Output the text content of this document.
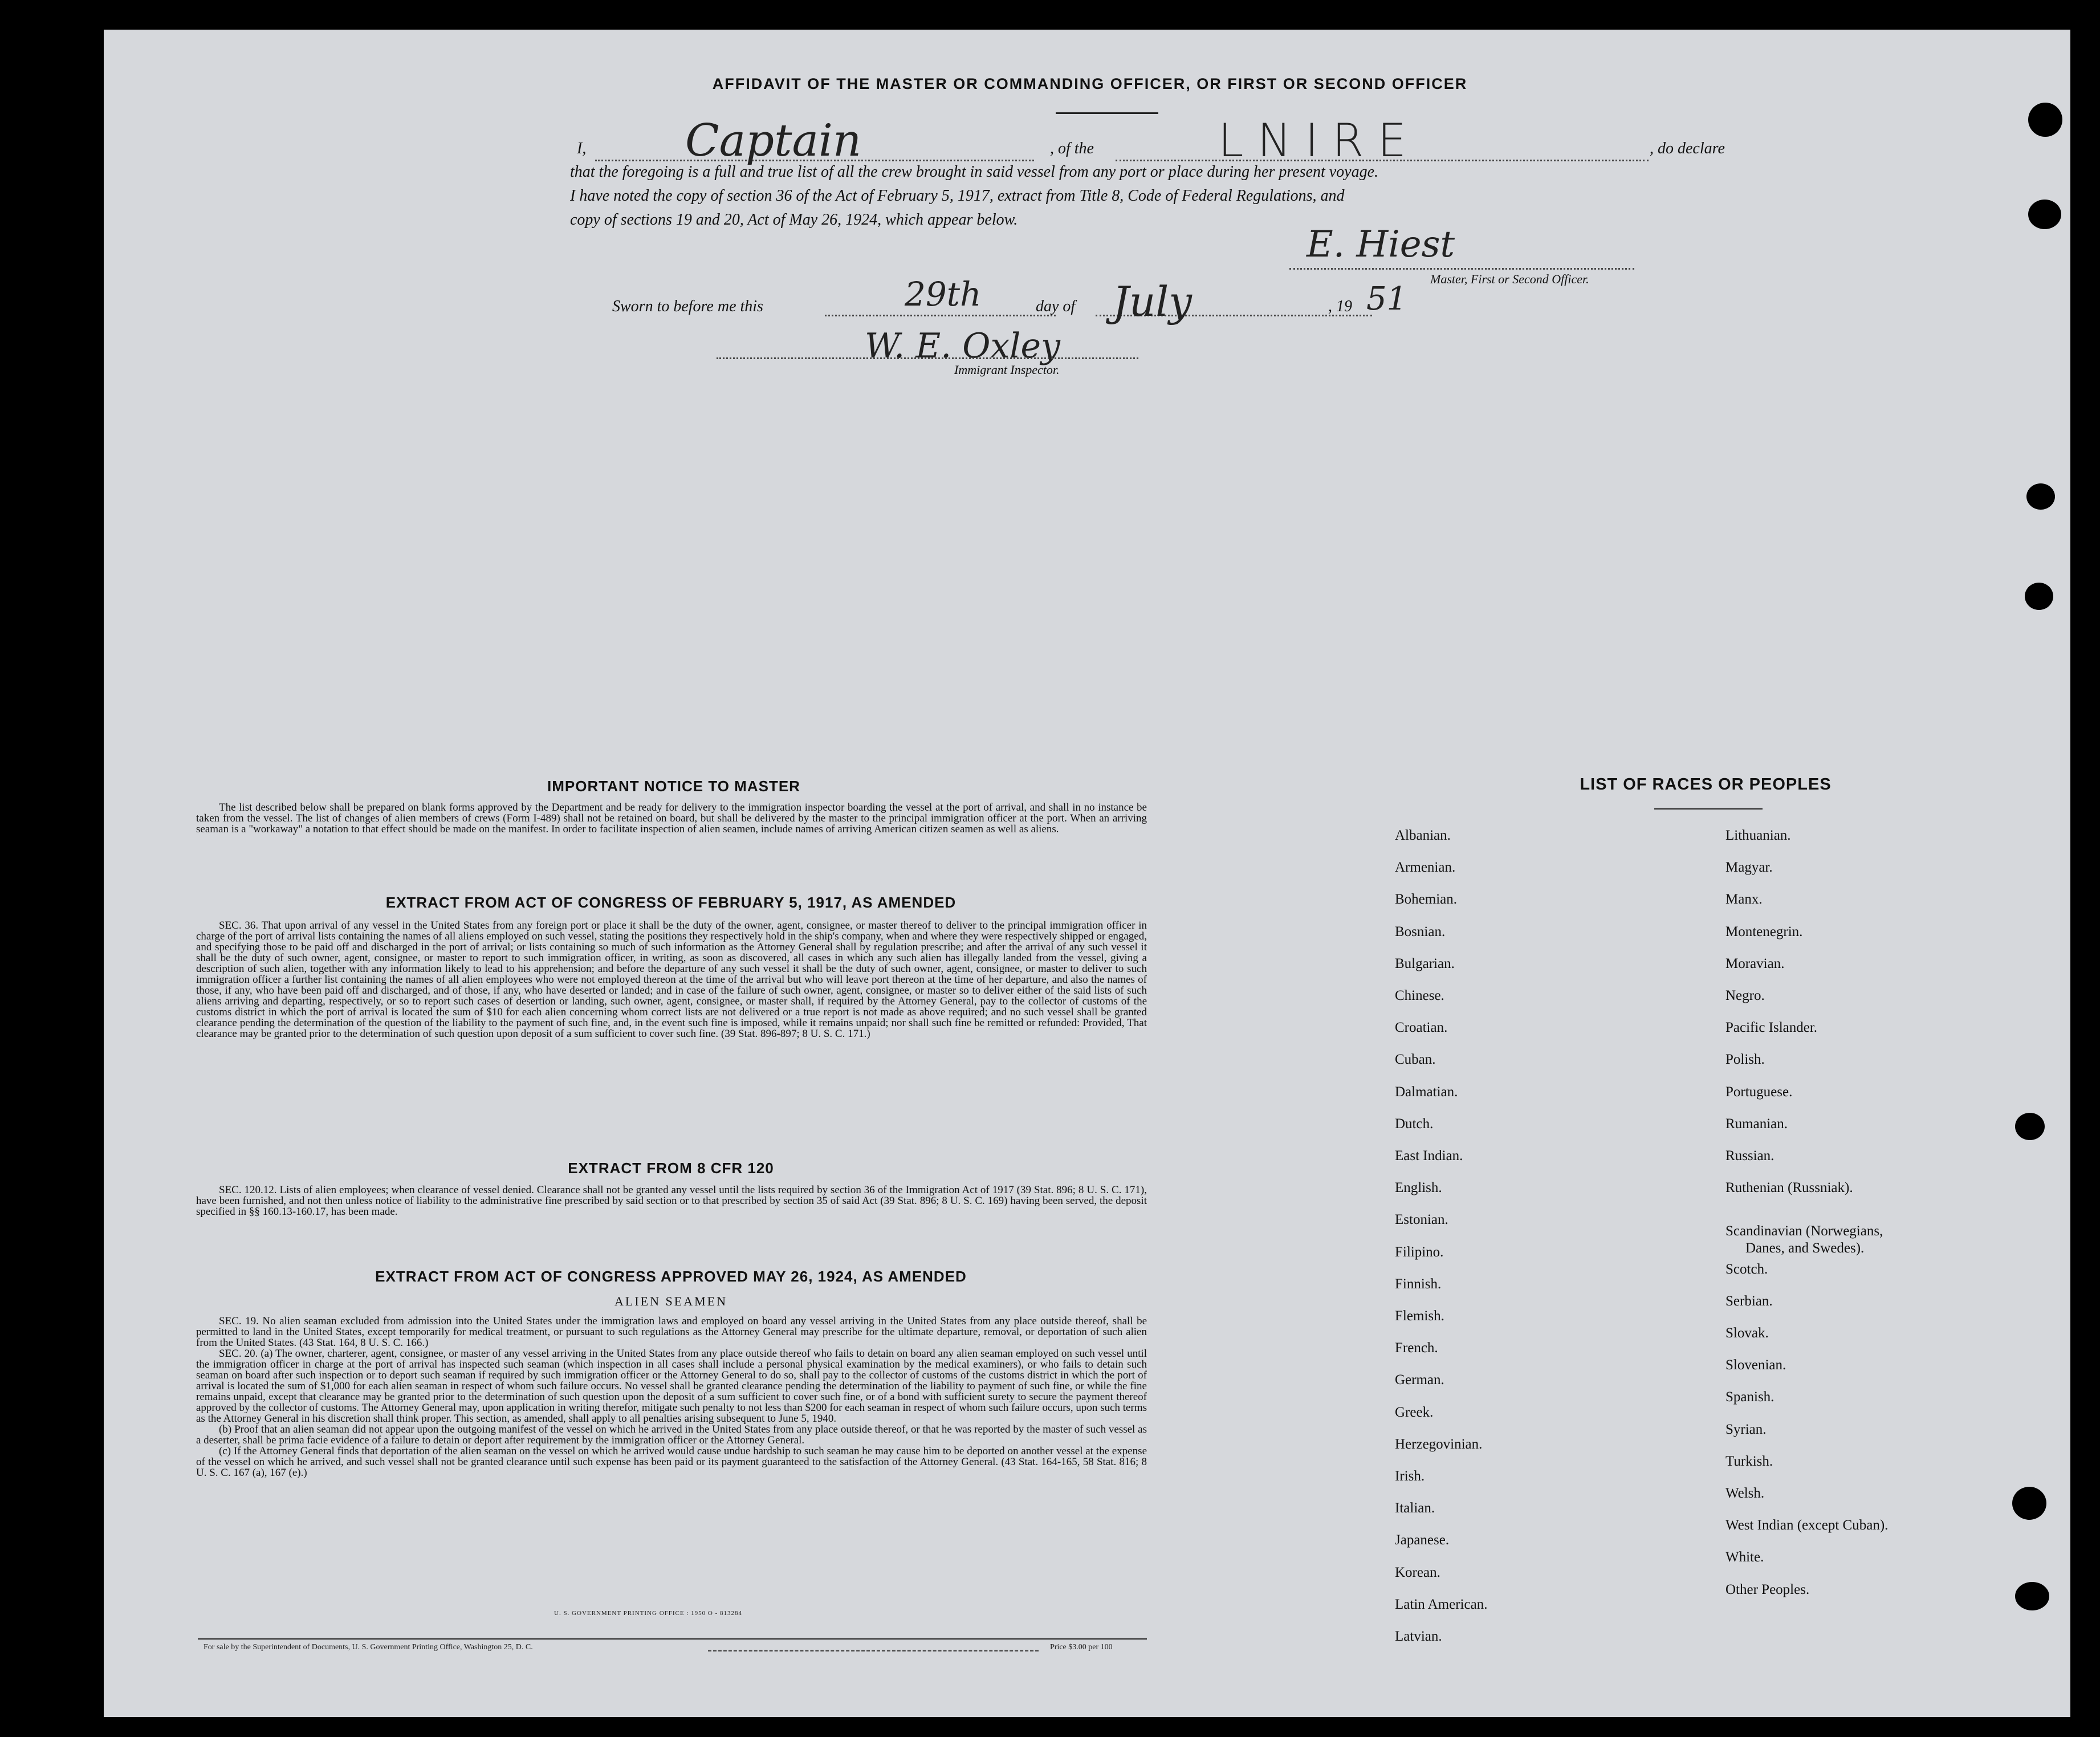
AFFIDAVIT OF THE MASTER OR COMMANDING OFFICER, OR FIRST OR SECOND OFFICER
I, Captain	, of the	LNIRE	, do declare
that the foregoing is a full and true list of all the crew brought in said vessel from any port or place during her present voyage.
I have noted the copy of section 36 of the Act of February 5, 1917, extract from Title 8, Code of Federal Regulations, and
copy of sections 19 and 20, Act of May 26, 1924, which appear below.
E. Hiest
Master, First or Second Officer.
Sworn to before me this	29th	day of July	, 19 51
W. E. Oxley
Immigrant Inspector.
IMPORTANT NOTICE TO MASTER

The list described below shall be prepared on blank forms approved by the Department and be ready for delivery to the immigration inspector boarding the vessel at the port of arrival, and shall in no instance be taken from the vessel. The list of changes of alien members of crews (Form I-489) shall not be retained on board, but shall be delivered by the master to the principal immigration officer at the port. When an arriving seaman is a "workaway" a notation to that effect should be made on the manifest. In order to facilitate inspection of alien seamen, include names of arriving American citizen seamen as well as aliens.

EXTRACT FROM ACT OF CONGRESS OF FEBRUARY 5, 1917, AS AMENDED

SEC. 36. That upon arrival of any vessel in the United States from any foreign port or place it shall be the duty of the owner, agent, consignee, or master thereof to deliver to the principal immigration officer in charge of the port of arrival lists containing the names of all aliens employed on such vessel, stating the positions they respectively hold in the ship's company, when and where they were respectively shipped or engaged, and specifying those to be paid off and discharged in the port of arrival; or lists containing so much of such information as the Attorney General shall by regulation prescribe; and after the arrival of any such vessel it shall be the duty of such owner, agent, consignee, or master to report to such immigration officer, in writing, as soon as discovered, all cases in which any such alien has illegally landed from the vessel, giving a description of such alien, together with any information likely to lead to his apprehension; and before the departure of any such vessel it shall be the duty of such owner, agent, consignee, or master to deliver to such immigration officer a further list containing the names of all alien employees who were not employed thereon at the time of the arrival but who will leave port thereon at the time of her departure, and also the names of those, if any, who have been paid off and discharged, and of those, if any, who have deserted or landed; and in case of the failure of such owner, agent, consignee, or master so to deliver either of the said lists of such aliens arriving and departing, respectively, or so to report such cases of desertion or landing, such owner, agent, consignee, or master shall, if required by the Attorney General, pay to the collector of customs of the customs district in which the port of arrival is located the sum of $10 for each alien concerning whom correct lists are not delivered or a true report is not made as above required; and no such vessel shall be granted clearance pending the determination of the question of the liability to the payment of such fine, and, in the event such fine is imposed, while it remains unpaid; nor shall such fine be remitted or refunded: Provided, That clearance may be granted prior to the determination of such question upon deposit of a sum sufficient to cover such fine. (39 Stat. 896-897; 8 U. S. C. 171.)

EXTRACT FROM 8 CFR 120

SEC. 120.12. Lists of alien employees; when clearance of vessel denied. Clearance shall not be granted any vessel until the lists required by section 36 of the Immigration Act of 1917 (39 Stat. 896; 8 U. S. C. 171), have been furnished, and not then unless notice of liability to the administrative fine prescribed by said section or to that prescribed by section 35 of said Act (39 Stat. 896; 8 U. S. C. 169) having been served, the deposit specified in §§ 160.13-160.17, has been made.

EXTRACT FROM ACT OF CONGRESS APPROVED MAY 26, 1924, AS AMENDED
ALIEN SEAMEN

SEC. 19. No alien seaman excluded from admission into the United States under the immigration laws and employed on board any vessel arriving in the United States from any place outside thereof, shall be permitted to land in the United States, except temporarily for medical treatment, or pursuant to such regulations as the Attorney General may prescribe for the ultimate departure, removal, or deportation of such alien from the United States. (43 Stat. 164, 8 U. S. C. 166.)

SEC. 20. (a) The owner, charterer, agent, consignee, or master of any vessel arriving in the United States from any place outside thereof who fails to detain on board any alien seaman employed on such vessel until the immigration officer in charge at the port of arrival has inspected such seaman (which inspection in all cases shall include a personal physical examination by the medical examiners), or who fails to detain such seaman on board after such inspection or to deport such seaman if required by such immigration officer or the Attorney General to do so, shall pay to the collector of customs of the customs district in which the port of arrival is located the sum of $1,000 for each alien seaman in respect of whom such failure occurs. No vessel shall be granted clearance pending the determination of the liability to payment of such fine, or while the fine remains unpaid, except that clearance may be granted prior to the determination of such question upon the deposit of a sum sufficient to cover such fine, or of a bond with sufficient surety to secure the payment thereof approved by the collector of customs. The Attorney General may, upon application in writing therefor, mitigate such penalty to not less than $200 for each seaman in respect of whom such failure occurs, upon such terms as the Attorney General in his discretion shall think proper. This section, as amended, shall apply to all penalties arising subsequent to June 5, 1940.

(b) Proof that an alien seaman did not appear upon the outgoing manifest of the vessel on which he arrived in the United States from any place outside thereof, or that he was reported by the master of such vessel as a deserter, shall be prima facie evidence of a failure to detain or deport after requirement by the immigration officer or the Attorney General.

(c) If the Attorney General finds that deportation of the alien seaman on the vessel on which he arrived would cause undue hardship to such seaman he may cause him to be deported on another vessel at the expense of the vessel on which he arrived, and such vessel shall not be granted clearance until such expense has been paid or its payment guaranteed to the satisfaction of the Attorney General. (43 Stat. 164-165, 58 Stat. 816; 8 U. S. C. 167 (a), 167 (e).)

U. S. GOVERNMENT PRINTING OFFICE : 1950 O - 813284
For sale by the Superintendent of Documents, U. S. Government Printing Office, Washington 25, D. C.	Price $3.00 per 100
LIST OF RACES OR PEOPLES
Albanian.
Armenian.
Bohemian.
Bosnian.
Bulgarian.
Chinese.
Croatian.
Cuban.
Dalmatian.
Dutch.
East Indian.
English.
Estonian.
Filipino.
Finnish.
Flemish.
French.
German.
Greek.
Herzegovinian.
Irish.
Italian.
Japanese.
Korean.
Latin American.
Latvian.
Lithuanian.
Magyar.
Manx.
Montenegrin.
Moravian.
Negro.
Pacific Islander.
Polish.
Portuguese.
Rumanian.
Russian.
Ruthenian (Russniak).
Scandinavian (Norwegians,
Danes, and Swedes).
Scotch.
Serbian.
Slovak.
Slovenian.
Spanish.
Syrian.
Turkish.
Welsh.
West Indian (except Cuban).
White.
Other Peoples.
